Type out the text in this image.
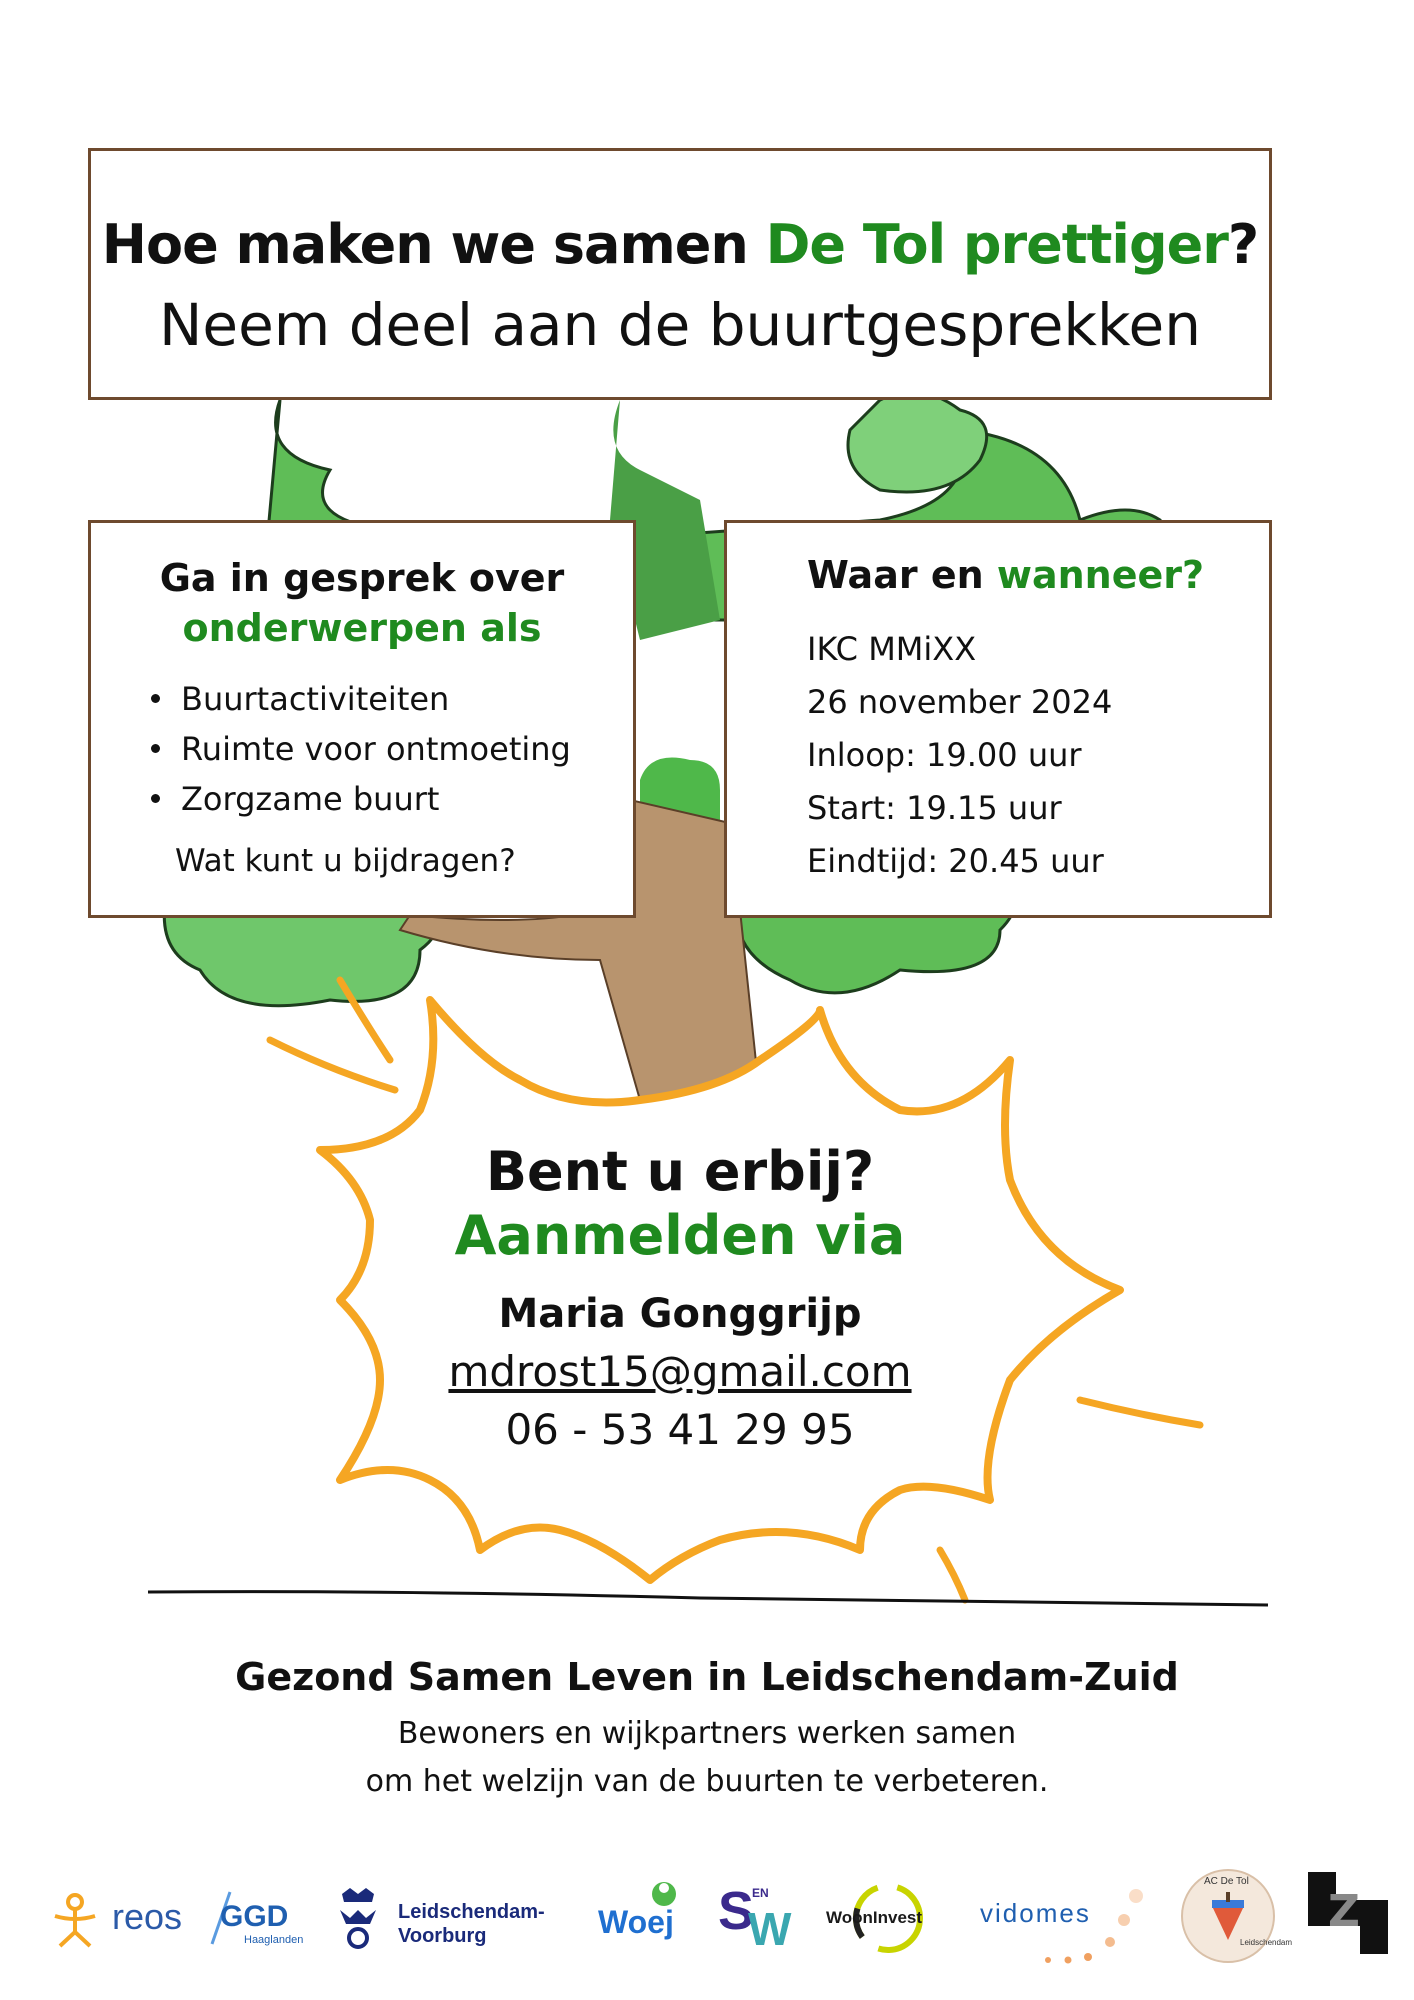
Hoe maken we samen De Tol prettiger?
Neem deel aan de buurtgesprekken
Ga in gesprek over
onderwerpen als
Buurtactiviteiten
Ruimte voor ontmoeting
Zorgzame buurt
Wat kunt u bijdragen?
Waar en wanneer?
IKC MMiXX
26 november 2024
Inloop: 19.00 uur
Start: 19.15 uur
Eindtijd: 20.45 uur
Bent u erbij?
Aanmelden via
Maria Gonggrijp
mdrost15@gmail.com
06 - 53 41 29 95
Gezond Samen Leven in Leidschendam-Zuid
Bewoners en wijkpartners werken samen
om het welzijn van de buurten te verbeteren.
reos GGD
Haaglanden
Leidschendam-
Voorburg	Woej S
EN
W WoonInvest vidomes
AC De Tol
Leidschendam
Z
